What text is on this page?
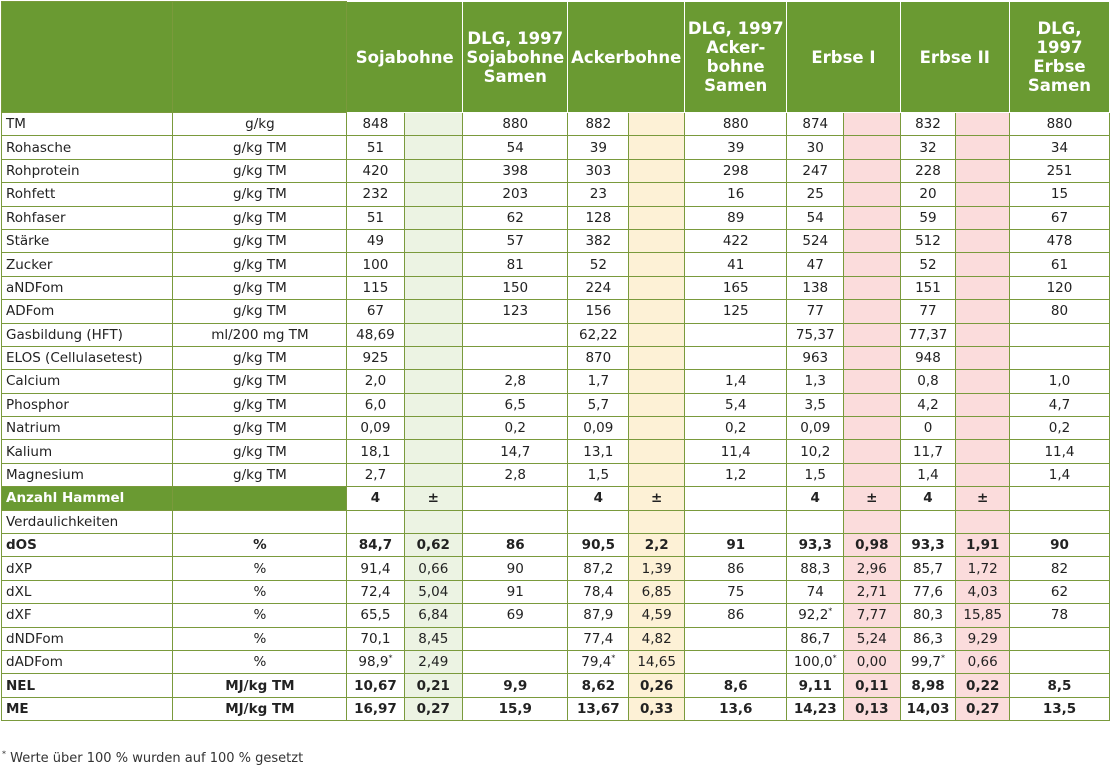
		Sojabohne		DLG, 1997 Sojabohne Samen	Ackerbohne		DLG, 1997 Acker-bohne Samen	Erbse I		Erbse II		DLG, 1997 Erbse Samen
TM	g/kg	848		880	882		880	874		832		880
Rohasche	g/kg TM	51		54	39		39	30		32		34
Rohprotein	g/kg TM	420		398	303		298	247		228		251
Rohfett	g/kg TM	232		203	23		16	25		20		15
Rohfaser	g/kg TM	51		62	128		89	54		59		67
Stärke	g/kg TM	49		57	382		422	524		512		478
Zucker	g/kg TM	100		81	52		41	47		52		61
aNDFom	g/kg TM	115		150	224		165	138		151		120
ADFom	g/kg TM	67		123	156		125	77		77		80
Gasbildung (HFT)	ml/200 mg TM	48,69			62,22			75,37		77,37		
ELOS (Cellulasetest)	g/kg TM	925			870			963		948		
Calcium	g/kg TM	2,0		2,8	1,7		1,4	1,3		0,8		1,0
Phosphor	g/kg TM	6,0		6,5	5,7		5,4	3,5		4,2		4,7
Natrium	g/kg TM	0,09		0,2	0,09		0,2	0,09		0		0,2
Kalium	g/kg TM	18,1		14,7	13,1		11,4	10,2		11,7		11,4
Magnesium	g/kg TM	2,7		2,8	1,5		1,2	1,5		1,4		1,4
Anzahl Hammel		4	±		4	±		4	±	4	±	
Verdaulichkeiten												
dOS	%	84,7	0,62	86	90,5	2,2	91	93,3	0,98	93,3	1,91	90
dXP	%	91,4	0,66	90	87,2	1,39	86	88,3	2,96	85,7	1,72	82
dXL	%	72,4	5,04	91	78,4	6,85	75	74	2,71	77,6	4,03	62
dXF	%	65,5	6,84	69	87,9	4,59	86	92,2*	7,77	80,3	15,85	78
dNDFom	%	70,1	8,45		77,4	4,82		86,7	5,24	86,3	9,29	
dADFom	%	98,9*	2,49		79,4*	14,65		100,0*	0,00	99,7*	0,66	
NEL	MJ/kg TM	10,67	0,21	9,9	8,62	0,26	8,6	9,11	0,11	8,98	0,22	8,5
ME	MJ/kg TM	16,97	0,27	15,9	13,67	0,33	13,6	14,23	0,13	14,03	0,27	13,5
* Werte über 100 % wurden auf 100 % gesetzt
